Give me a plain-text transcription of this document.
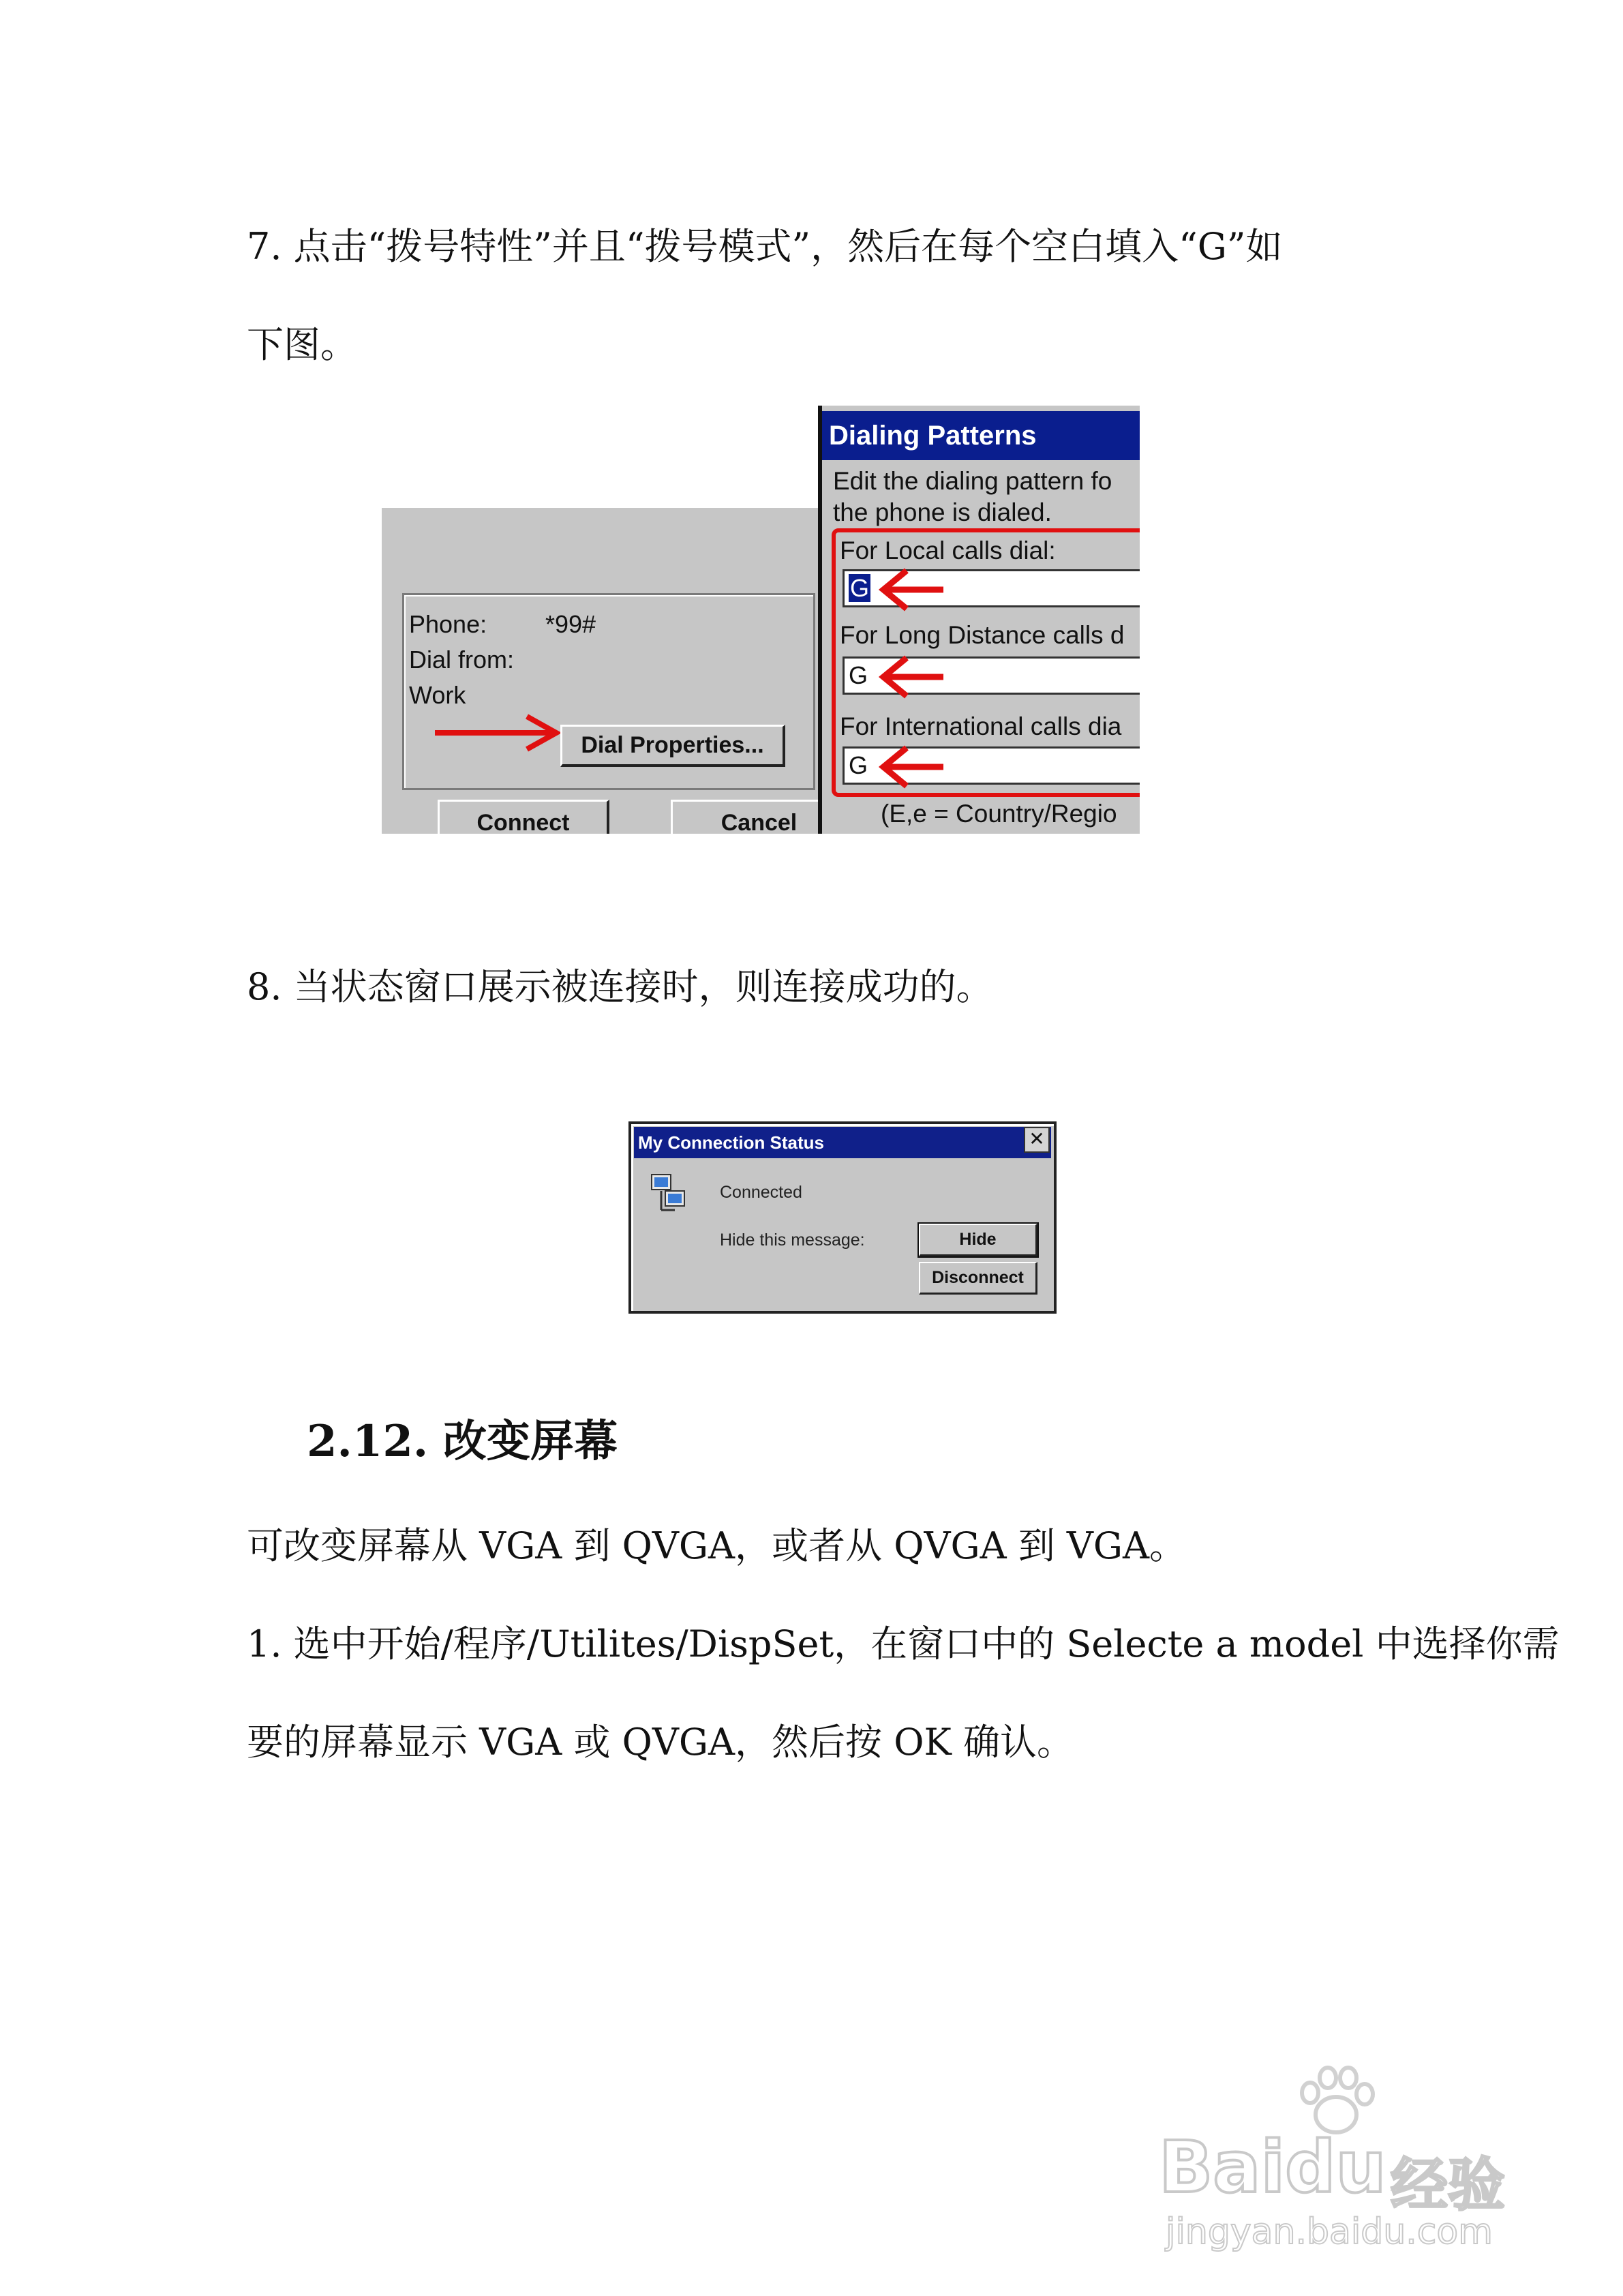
7. 点击“拨号特性”并且“拨号模式”，然后在每个空白填入“G”如

下图。

Phone: *99#
Dial from:
Work
Dial Properties...
Connect	Cancel
Dialing Patterns
Edit the dialing pattern fo
the phone is dialed.
For Local calls dial:
G
For Long Distance calls d
G
For International calls dia
G
(E,e = Country/Regio

8. 当状态窗口展示被连接时，则连接成功的。

My Connection Status	✕
Connected
Hide this message:	Hide
Disconnect
2.12. 改变屏幕

可改变屏幕从 VGA 到 QVGA，或者从 QVGA 到 VGA。

1. 选中开始/程序/Utilites/DispSet，在窗口中的 Selecte a model 中选择你需

要的屏幕显示 VGA 或 QVGA，然后按 OK 确认。

Baidu 经验
jingyan.baidu.com
